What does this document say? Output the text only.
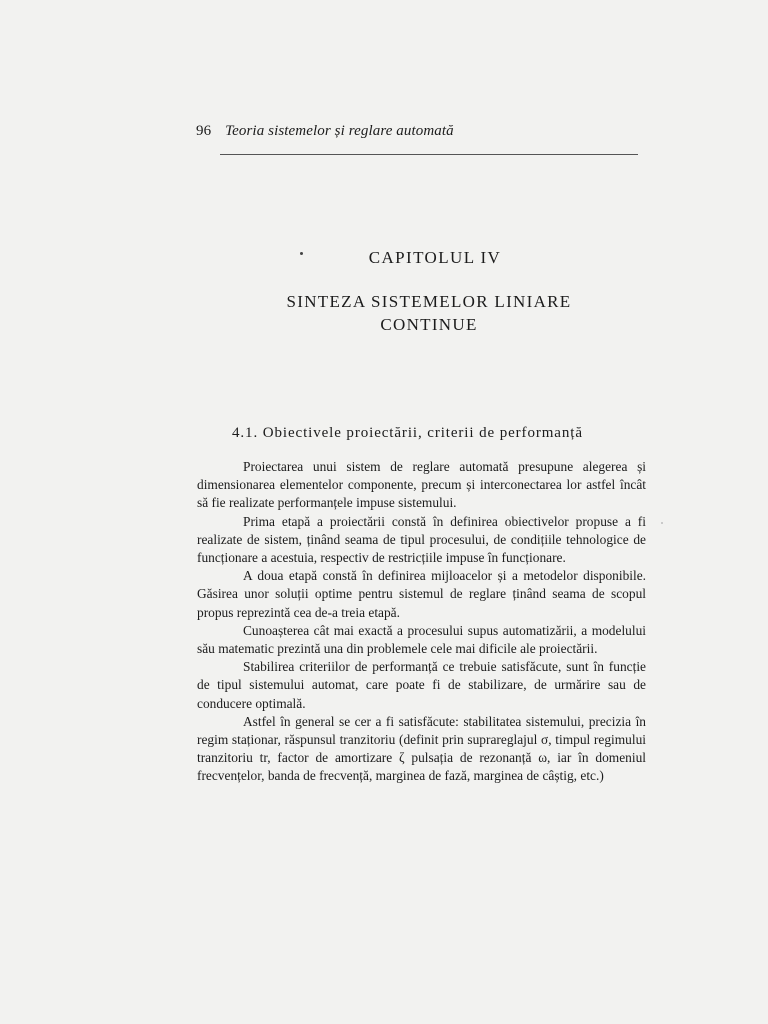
96 Teoria sistemelor și reglare automată
CAPITOLUL IV
SINTEZA SISTEMELOR LINIARE
CONTINUE
4.1. Obiectivele proiectării, criterii de performanță

Proiectarea unui sistem de reglare automată presupune alegerea și dimensionarea elementelor componente, precum și interconectarea lor astfel încât să fie realizate performanțele impuse sistemului.

Prima etapă a proiectării constă în definirea obiectivelor propuse a fi realizate de sistem, ținând seama de tipul procesului, de condițiile tehnologice de funcționare a acestuia, respectiv de restricțiile impuse în funcționare.

A doua etapă constă în definirea mijloacelor și a metodelor disponibile. Găsirea unor soluții optime pentru sistemul de reglare ținând seama de scopul propus reprezintă cea de-a treia etapă.

Cunoașterea cât mai exactă a procesului supus automatizării, a modelului său matematic prezintă una din problemele cele mai dificile ale proiectării.

Stabilirea criteriilor de performanță ce trebuie satisfăcute, sunt în funcție de tipul sistemului automat, care poate fi de stabilizare, de urmărire sau de conducere optimală.

Astfel în general se cer a fi satisfăcute: stabilitatea sistemului, precizia în regim staționar, răspunsul tranzitoriu (definit prin suprareglajul σ, timpul regimului tranzitoriu tr, factor de amortizare ζ pulsația de rezonanță ω, iar în domeniul frecvențelor, banda de frecvență, marginea de fază, marginea de câștig, etc.)
